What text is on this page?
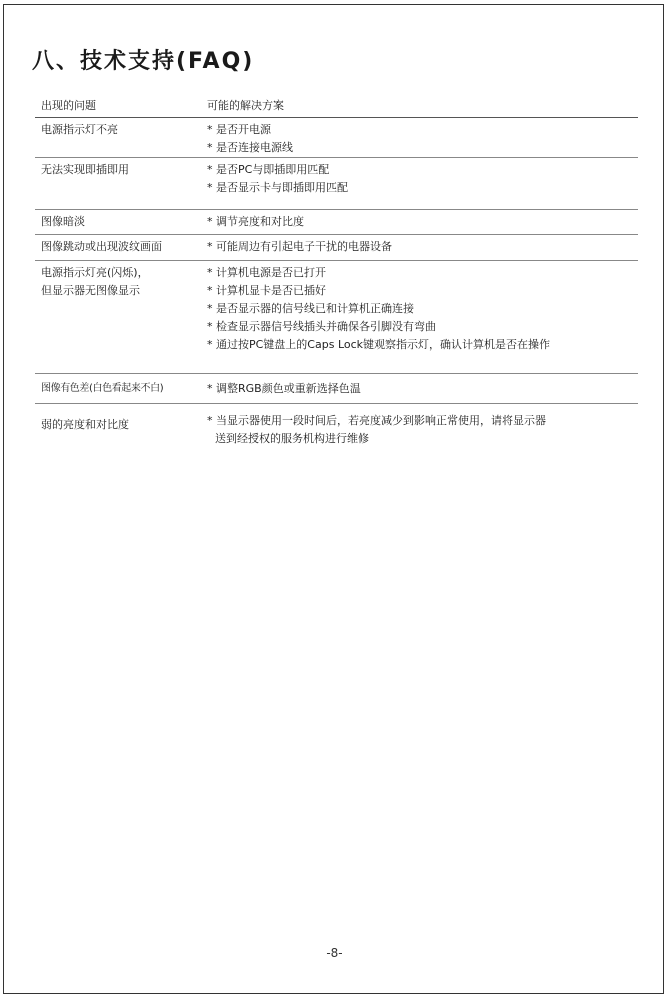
八、技术支持(FAQ)
出现的问题	可能的解决方案

电源指示灯不亮	* 是否开电源
* 是否连接电源线

无法实现即插即用	* 是否PC与即插即用匹配
* 是否显示卡与即插即用匹配

图像暗淡	* 调节亮度和对比度

图像跳动或出现波纹画面	* 可能周边有引起电子干扰的电器设备

电源指示灯亮(闪烁)，
但显示器无图像显示	* 计算机电源是否已打开
* 计算机显卡是否已插好
* 是否显示器的信号线已和计算机正确连接
* 检查显示器信号线插头并确保各引脚没有弯曲
* 通过按PC键盘上的Caps Lock键观察指示灯，确认计算机是否在操作

图像有色差(白色看起来不白)	* 调整RGB颜色或重新选择色温

弱的亮度和对比度	* 当显示器使用一段时间后，若亮度减少到影响正常使用，请将显示器
送到经授权的服务机构进行维修
-8-
